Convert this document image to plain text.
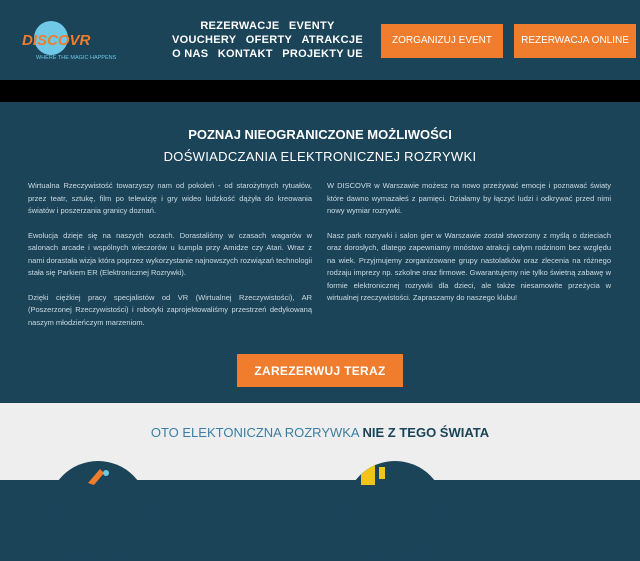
DISCOVR
WHERE THE MAGIC HAPPENS
REZERWACJE EVENTY VOUCHERY OFERTY ATRAKCJE O NAS KONTAKT PROJEKTY UE
ZORGANIZUJ EVENT	REZERWACJA ONLINE
POZNAJ NIEOGRANICZONE MOŻLIWOŚCI
DOŚWIADCZANIA ELEKTRONICZNEJ ROZRYWKI

Wirtualna Rzeczywistość towarzyszy nam od pokoleń - od starożytnych rytuałów, przez teatr, sztukę, film po telewizję i gry wideo ludzkość dążyła do kreowania światów i poszerzania granicy doznań.

Ewolucja dzieje się na naszych oczach. Dorastaliśmy w czasach wagarów w salonach arcade i wspólnych wieczorów u kumpla przy Amidze czy Atari. Wraz z nami dorastała wizja która poprzez wykorzystanie najnowszych rozwiązań technologii stała się Parkiem ER (Elektronicznej Rozrywki).

Dzięki ciężkiej pracy specjalistów od VR (Wirtualnej Rzeczywistości), AR (Poszerzonej Rzeczywistości) i robotyki zaprojektowaliśmy przestrzeń dedykowaną naszym młodzieńczym marzeniom.

W DISCOVR w Warszawie możesz na nowo przeżywać emocje i poznawać światy które dawno wymazałeś z pamięci. Działamy by łączyć ludzi i odkrywać przed nimi nowy wymiar rozrywki.

Nasz park rozrywki i salon gier w Warszawie został stworzony z myślą o dzieciach oraz dorosłych, dlatego zapewniamy mnóstwo atrakcji całym rodzinom bez względu na wiek. Przyjmujemy zorganizowane grupy nastolatków oraz zlecenia na różnego rodzaju imprezy np. szkolne oraz firmowe. Gwarantujemy nie tylko świetną zabawę w formie elektronicznej rozrywki dla dzieci, ale także niesamowite przeżycia w wirtualnej rzeczywistości. Zapraszamy do naszego klubu!

ZAREZERWUJ TERAZ
OTO ELEKTONICZNA ROZRYWKA NIE Z TEGO ŚWIATA
